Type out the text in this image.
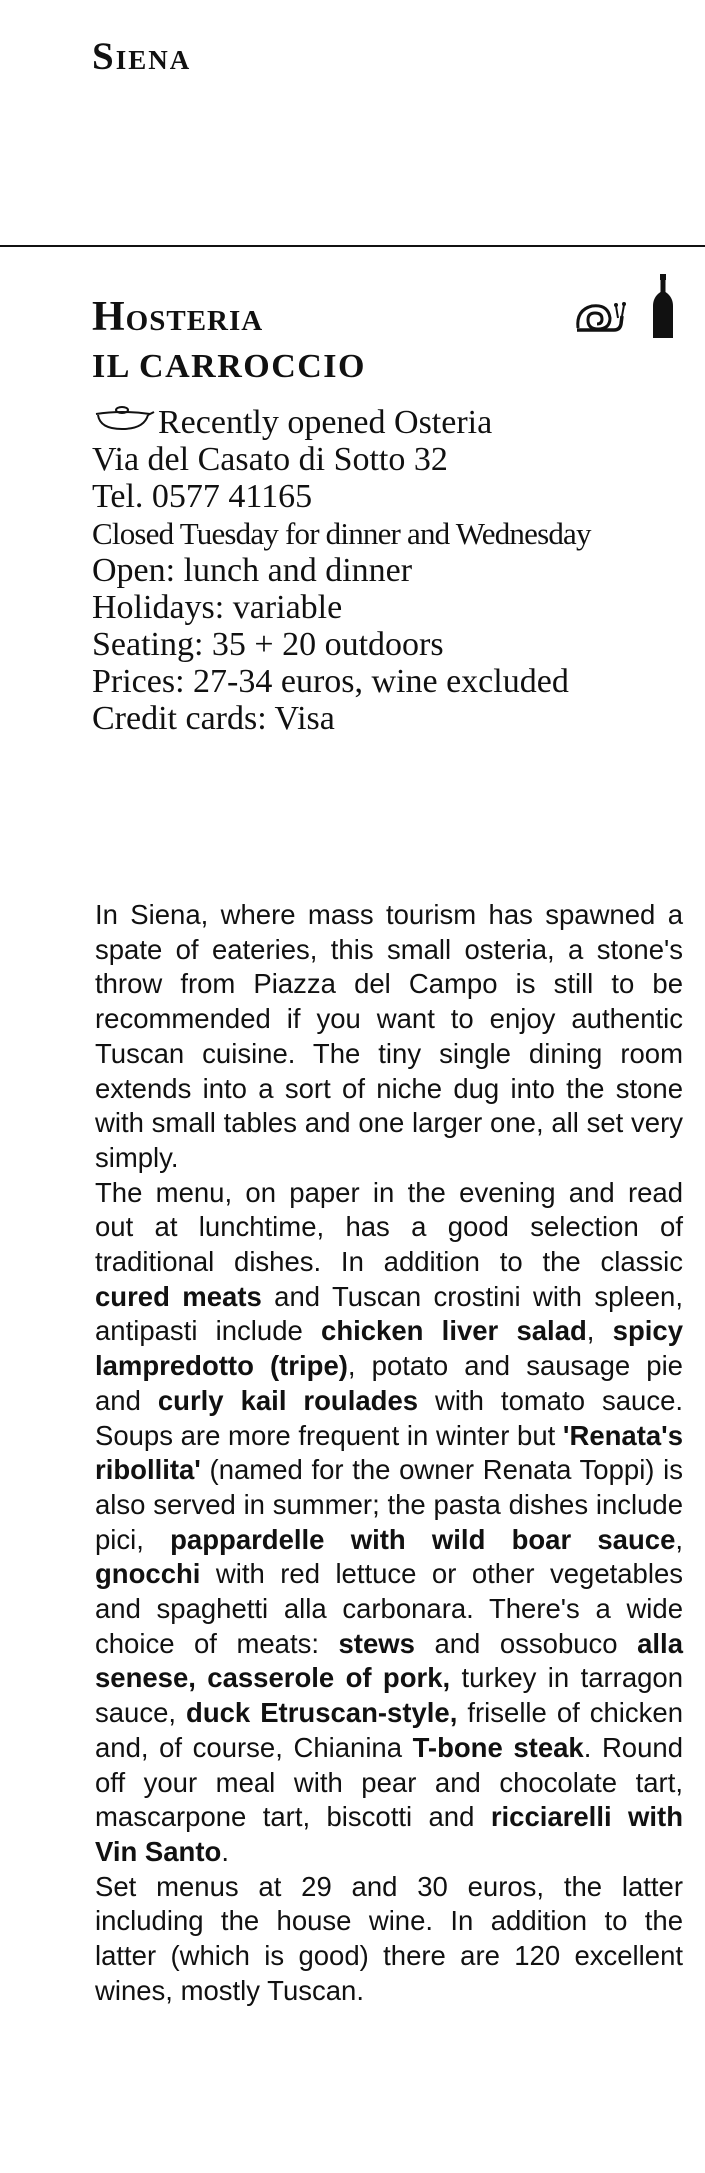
Siena
Hosteria
IL CARROCCIO
Recently opened Osteria
Via del Casato di Sotto 32
Tel. 0577 41165
Closed Tuesday for dinner and Wednesday
Open: lunch and dinner
Holidays: variable
Seating: 35 + 20 outdoors
Prices: 27-34 euros, wine excluded
Credit cards: Visa

In Siena, where mass tourism has spawned a spate of eateries, this small osteria, a stone's throw from Piazza del Campo is still to be recommended if you want to enjoy authentic Tuscan cuisine. The tiny single dining room extends into a sort of niche dug into the stone with small tables and one larger one, all set very simply.

The menu, on paper in the evening and read out at lunchtime, has a good selection of traditional dishes. In addition to the classic cured meats and Tuscan crostini with spleen, antipasti include chicken liver salad, spicy lampredotto (tripe), potato and sausage pie and curly kail roulades with tomato sauce. Soups are more frequent in winter but 'Renata's ribollita' (named for the owner Renata Toppi) is also served in summer; the pasta dishes include pici, pappardelle with wild boar sauce, gnocchi with red lettuce or other vegetables and spaghetti alla carbonara. There's a wide choice of meats: stews and ossobuco alla senese, casserole of pork, turkey in tarragon sauce, duck Etruscan-style, friselle of chicken and, of course, Chianina T-bone steak. Round off your meal with pear and chocolate tart, mascarpone tart, biscotti and ricciarelli with Vin Santo.

Set menus at 29 and 30 euros, the latter including the house wine. In addition to the latter (which is good) there are 120 excellent wines, mostly Tuscan.
